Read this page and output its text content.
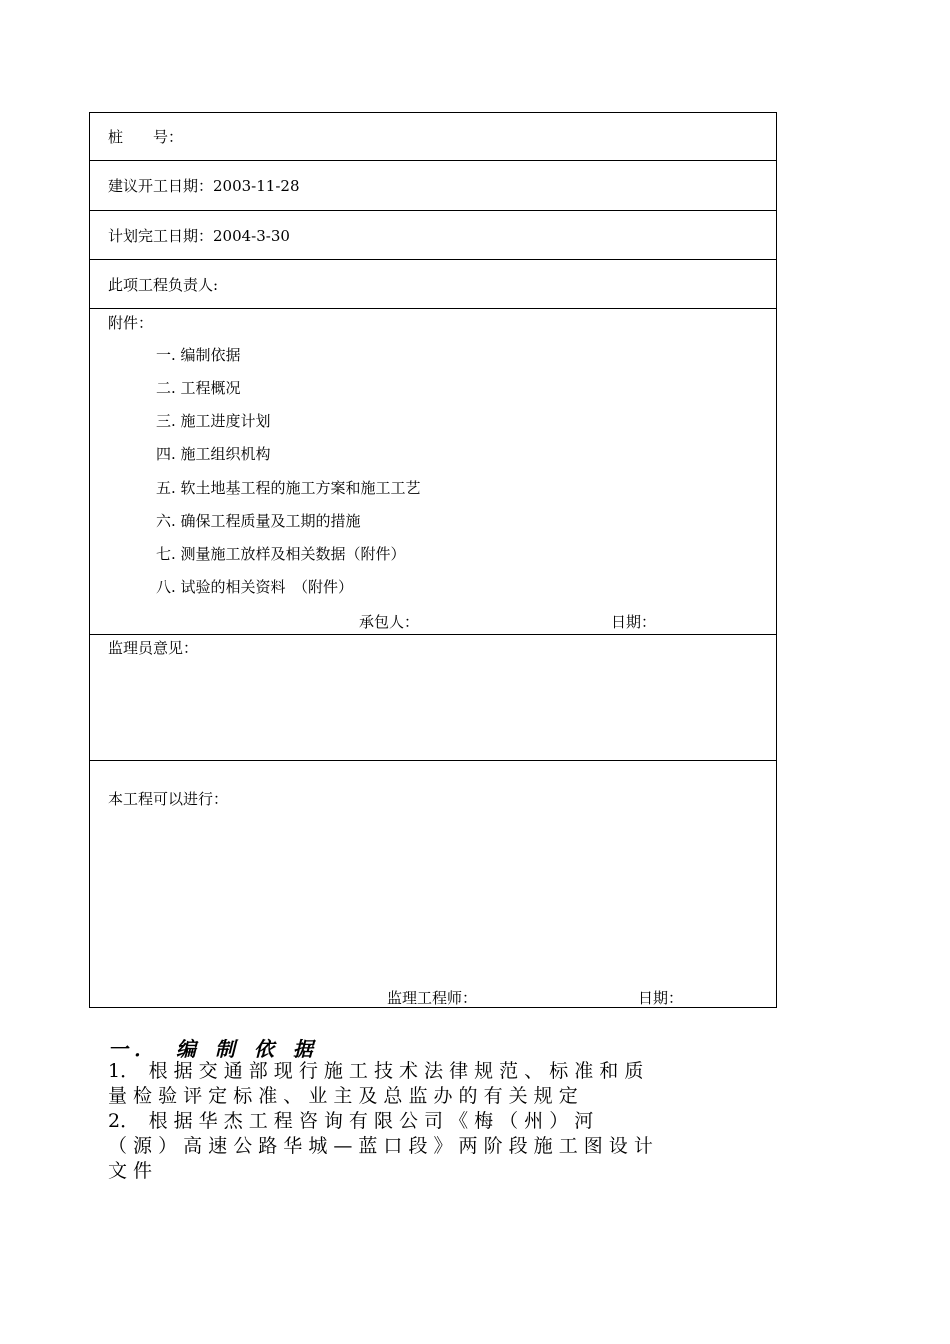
桩　　号：
建议开工日期：2003-11-28
计划完工日期：2004-3-30
此项工程负责人:
附件：
一. 编制依据
二. 工程概况
三. 施工进度计划
四. 施工组织机构
五. 软土地基工程的施工方案和施工工艺
六. 确保工程质量及工期的措施
七. 测量施工放样及相关数据（附件）
八. 试验的相关资料　（附件）
承包人：	日期：
监理员意见：
本工程可以进行：
监理工程师：	日期：
一．　编 制 依 据
1．　根 据 交 通 部 现 行 施 工 技 术 法 律 规 范 、 标 准 和 质
量 检 验 评 定 标 准 、 业 主 及 总 监 办 的 有 关 规 定
2．　根 据 华 杰 工 程 咨 询 有 限 公 司 《 梅 （ 州 ） 河
（ 源 ） 高 速 公 路 华 城 — 蓝 口 段 》 两 阶 段 施 工 图 设 计
文 件
